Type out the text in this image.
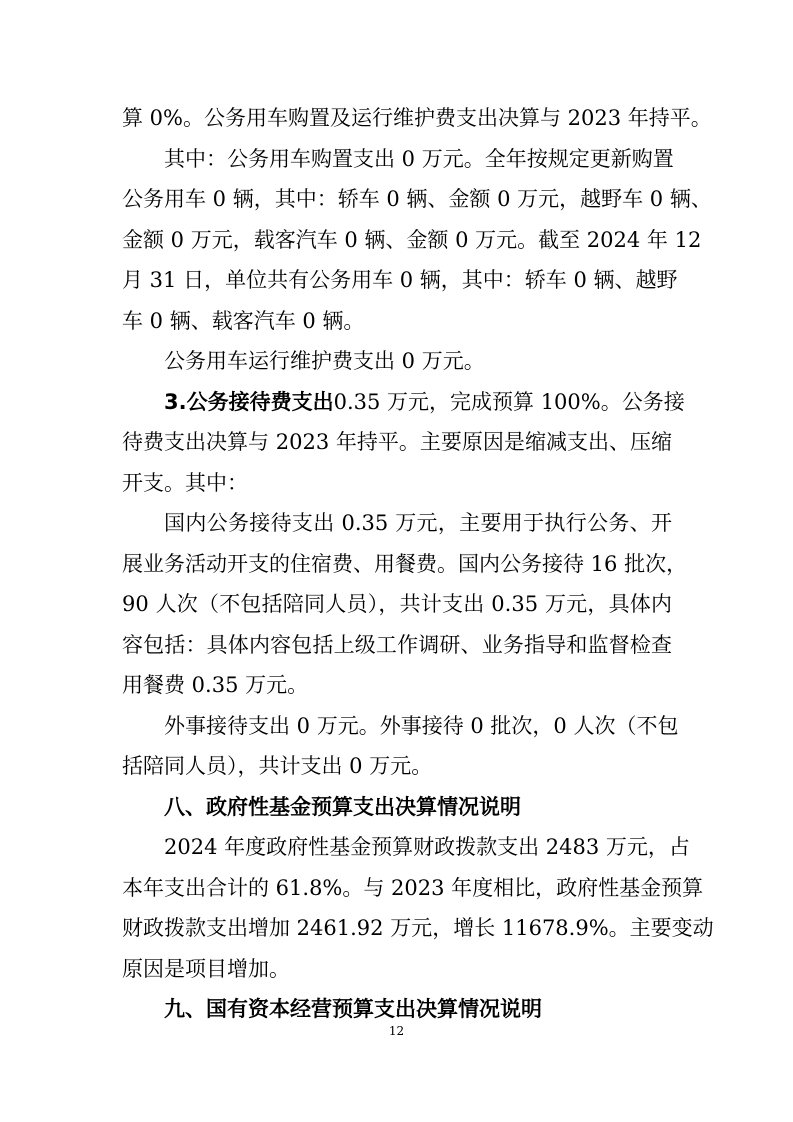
算 0%。公务用车购置及运行维护费支出决算与 2023 年持平。
其中：公务用车购置支出 0 万元。全年按规定更新购置
公务用车 0 辆，其中：轿车 0 辆、金额 0 万元，越野车 0 辆、
金额 0 万元，载客汽车 0 辆、金额 0 万元。截至 2024 年 12
月 31 日，单位共有公务用车 0 辆，其中：轿车 0 辆、越野
车 0 辆、载客汽车 0 辆。
公务用车运行维护费支出 0 万元。
3.公务接待费支出 0.35 万元，完成预算 100%。公务接
待费支出决算与 2023 年持平。主要原因是缩减支出、压缩
开支。其中：
国内公务接待支出 0.35 万元，主要用于执行公务、开
展业务活动开支的住宿费、用餐费。国内公务接待 16 批次，
90 人次（不包括陪同人员），共计支出 0.35 万元，具体内
容包括：具体内容包括上级工作调研、业务指导和监督检查
用餐费 0.35 万元。
外事接待支出 0 万元。外事接待 0 批次，0 人次（不包
括陪同人员），共计支出 0 万元。
八、政府性基金预算支出决算情况说明
2024 年度政府性基金预算财政拨款支出 2483 万元，占
本年支出合计的 61.8%。与 2023 年度相比，政府性基金预算
财政拨款支出增加 2461.92 万元，增长 11678.9%。主要变动
原因是项目增加。
九、国有资本经营预算支出决算情况说明
12
